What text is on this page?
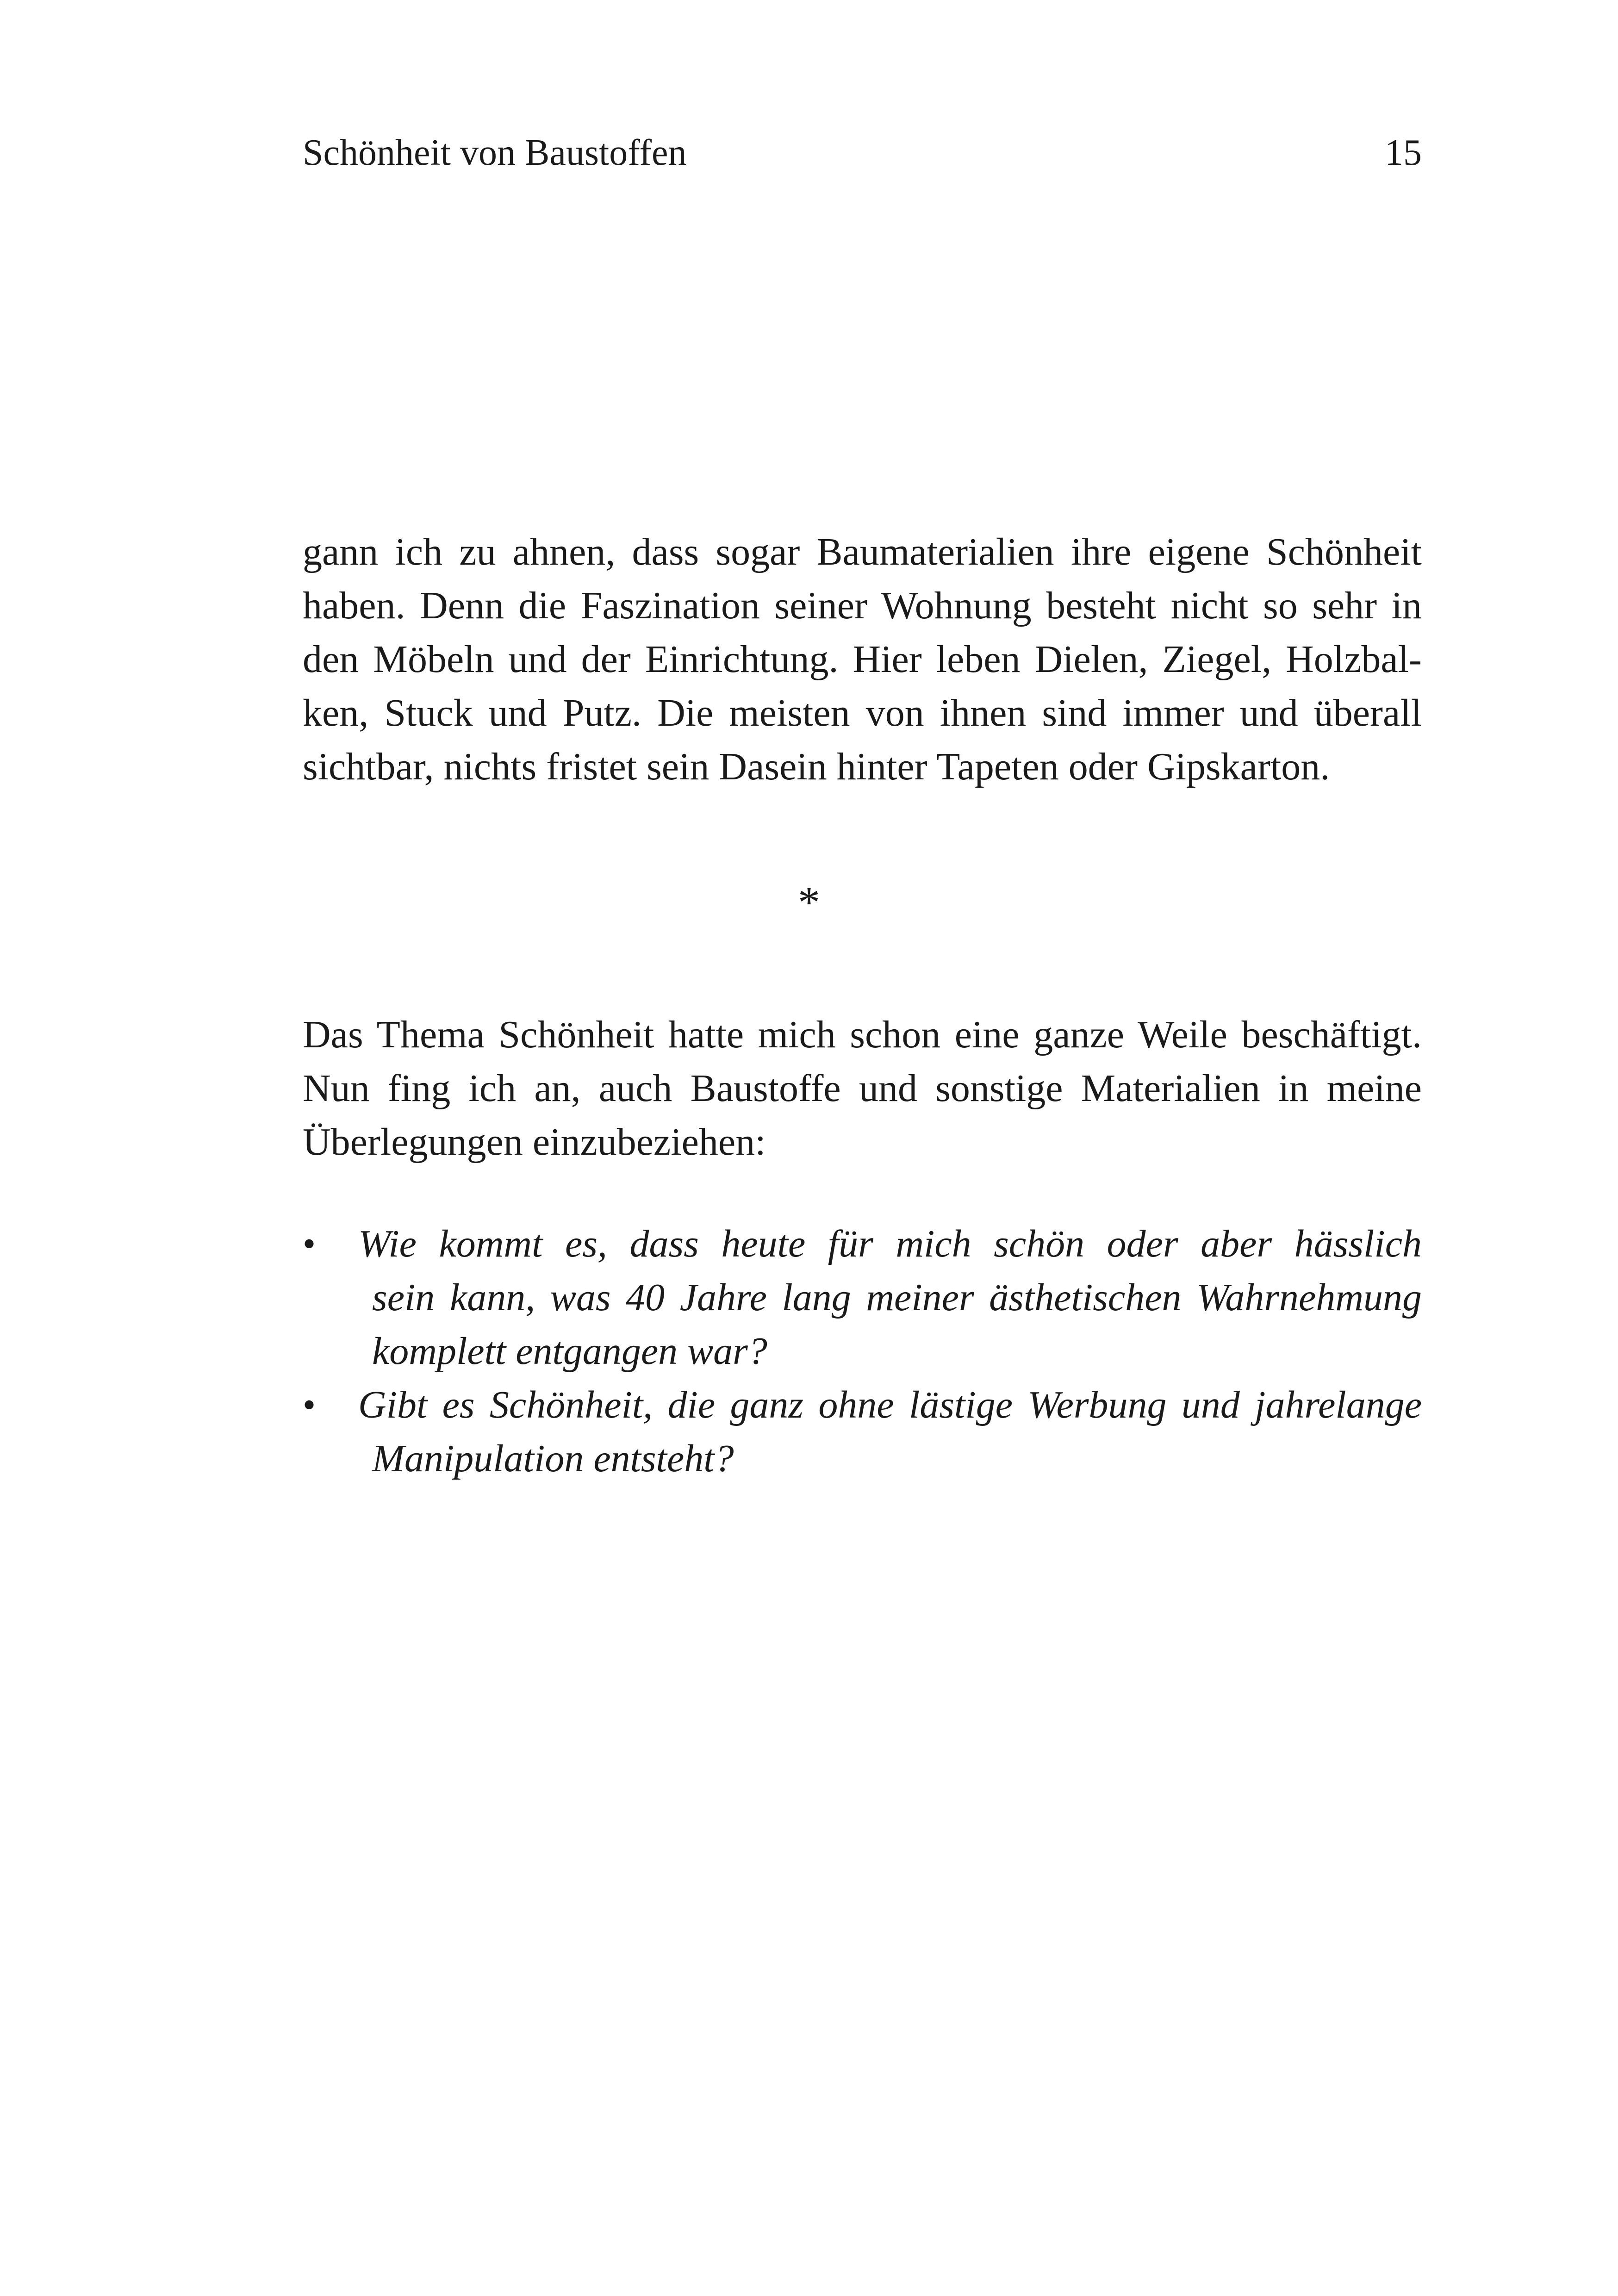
Schönheit von Baustoffen	15
gann ich zu ahnen, dass sogar Baumaterialien ihre eigene Schönheit
haben. Denn die Faszination seiner Wohnung besteht nicht so sehr in
den Möbeln und der Einrichtung. Hier leben Dielen, Ziegel, Holzbal-
ken, Stuck und Putz. Die meisten von ihnen sind immer und überall
sichtbar, nichts fristet sein Dasein hinter Tapeten oder Gipskarton.
*
Das Thema Schönheit hatte mich schon eine ganze Weile beschäftigt.
Nun fing ich an, auch Baustoffe und sonstige Materialien in meine
Überlegungen einzubeziehen:
• Wie kommt es, dass heute für mich schön oder aber hässlich
sein kann, was 40 Jahre lang meiner ästhetischen Wahrnehmung
komplett entgangen war?
• Gibt es Schönheit, die ganz ohne lästige Werbung und jahrelange
Manipulation entsteht?
